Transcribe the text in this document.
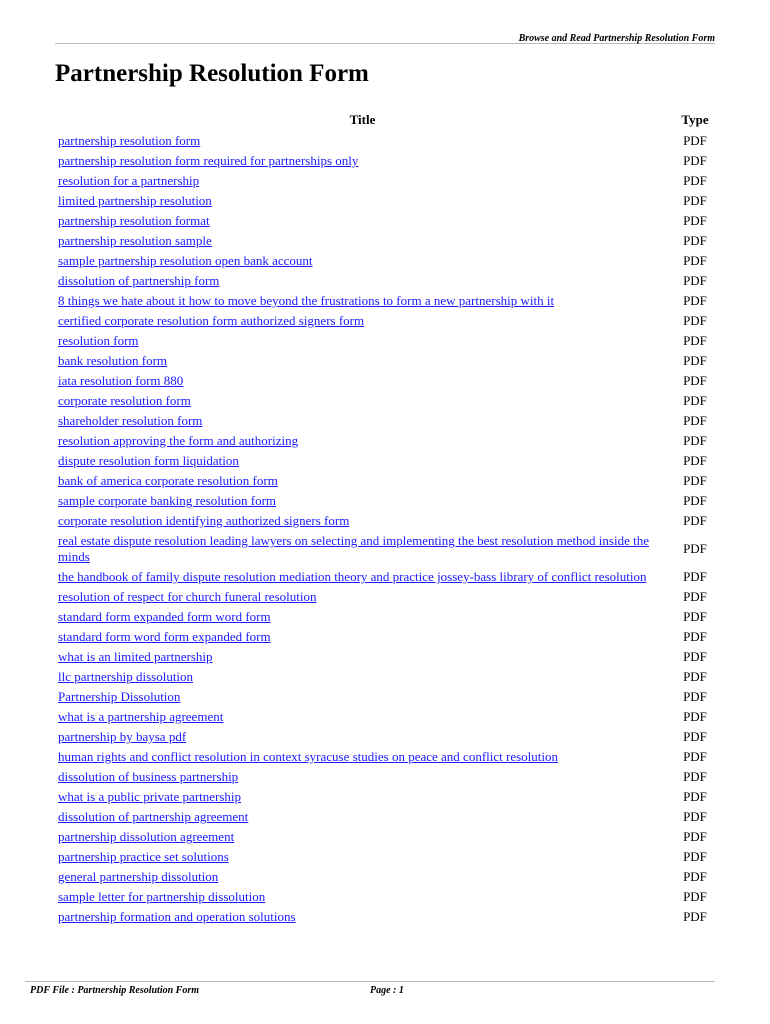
Browse and Read Partnership Resolution Form
Partnership Resolution Form
Title	Type
partnership resolution form	PDF
partnership resolution form required for partnerships only	PDF
resolution for a partnership	PDF
limited partnership resolution	PDF
partnership resolution format	PDF
partnership resolution sample	PDF
sample partnership resolution open bank account	PDF
dissolution of partnership form	PDF
8 things we hate about it how to move beyond the frustrations to form a new partnership with it	PDF
certified corporate resolution form authorized signers form	PDF
resolution form	PDF
bank resolution form	PDF
iata resolution form 880	PDF
corporate resolution form	PDF
shareholder resolution form	PDF
resolution approving the form and authorizing	PDF
dispute resolution form liquidation	PDF
bank of america corporate resolution form	PDF
sample corporate banking resolution form	PDF
corporate resolution identifying authorized signers form	PDF
real estate dispute resolution leading lawyers on selecting and implementing the best resolution method inside the minds	PDF
the handbook of family dispute resolution mediation theory and practice jossey-bass library of conflict resolution	PDF
resolution of respect for church funeral resolution	PDF
standard form expanded form word form	PDF
standard form word form expanded form	PDF
what is an limited partnership	PDF
llc partnership dissolution	PDF
Partnership Dissolution	PDF
what is a partnership agreement	PDF
partnership by baysa pdf	PDF
human rights and conflict resolution in context syracuse studies on peace and conflict resolution	PDF
dissolution of business partnership	PDF
what is a public private partnership	PDF
dissolution of partnership agreement	PDF
partnership dissolution agreement	PDF
partnership practice set solutions	PDF
general partnership dissolution	PDF
sample letter for partnership dissolution	PDF
partnership formation and operation solutions	PDF
PDF File : Partnership Resolution Form	Page : 1
